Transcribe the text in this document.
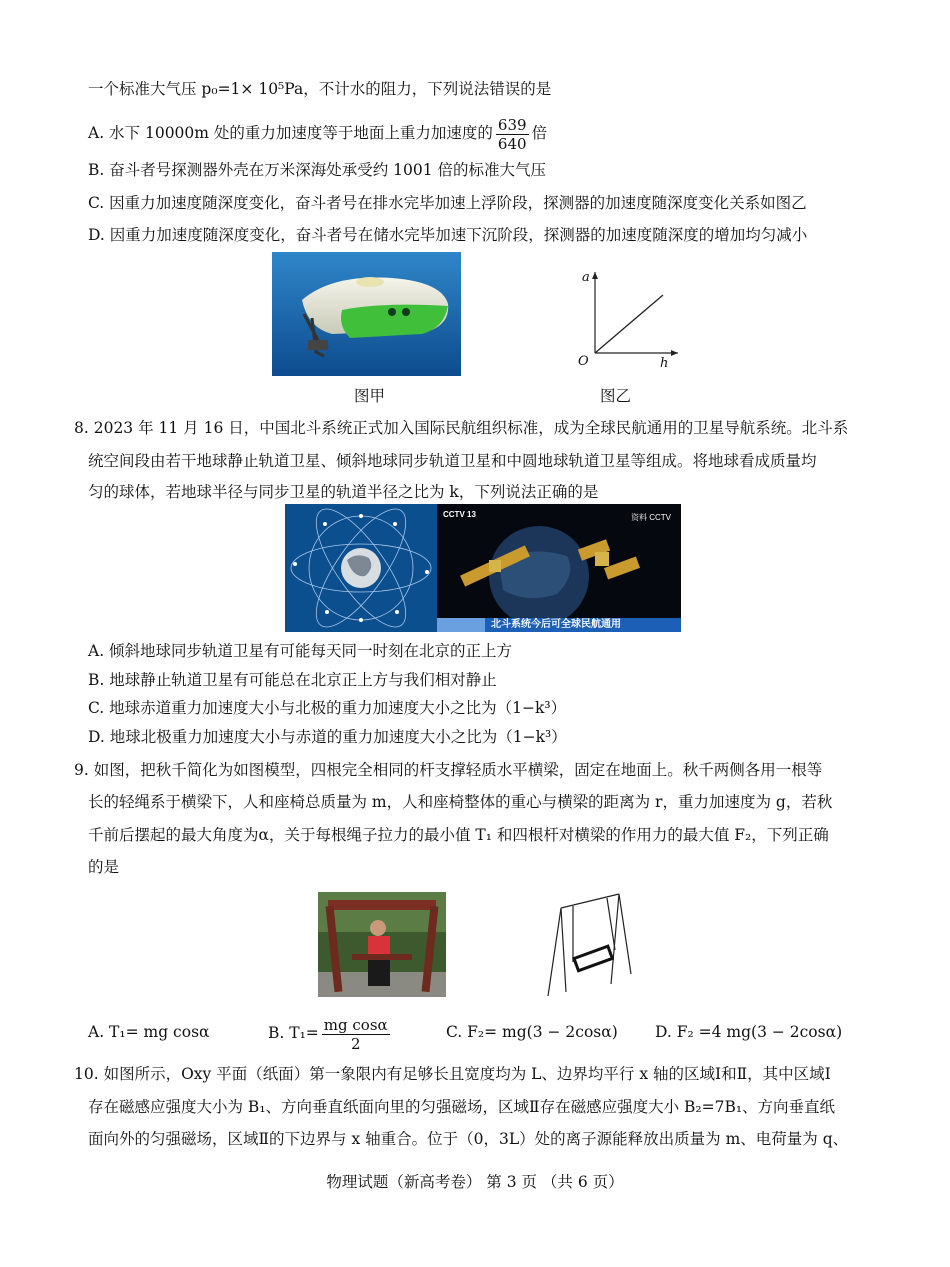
一个标准大气压 p₀=1× 10⁵Pa，不计水的阻力，下列说法错误的是
A. 水下 10000m 处的重力加速度等于地面上重力加速度的 $\frac{639}{640}$ 倍
B. 奋斗者号探测器外壳在万米深海处承受约 1001 倍的标准大气压
C. 因重力加速度随深度变化，奋斗者号在排水完毕加速上浮阶段，探测器的加速度随深度变化关系如图乙
D. 因重力加速度随深度变化，奋斗者号在储水完毕加速下沉阶段，探测器的加速度随深度的增加均匀减小
图甲
a
O	h
图乙
8. 2023 年 11 月 16 日，中国北斗系统正式加入国际民航组织标准，成为全球民航通用的卫星导航系统。北斗系
统空间段由若干地球静止轨道卫星、倾斜地球同步轨道卫星和中圆地球轨道卫星等组成。将地球看成质量均
匀的球体，若地球半径与同步卫星的轨道半径之比为 k，下列说法正确的是
CCTV 13	资料 CCTV
北斗系统今后可全球民航通用
A. 倾斜地球同步轨道卫星有可能每天同一时刻在北京的正上方
B. 地球静止轨道卫星有可能总在北京正上方与我们相对静止
C. 地球赤道重力加速度大小与北极的重力加速度大小之比为（1−k³）
D. 地球北极重力加速度大小与赤道的重力加速度大小之比为（1−k³）
9. 如图，把秋千简化为如图模型，四根完全相同的杆支撑轻质水平横梁，固定在地面上。秋千两侧各用一根等
长的轻绳系于横梁下，人和座椅总质量为 m，人和座椅整体的重心与横梁的距离为 r，重力加速度为 g，若秋
千前后摆起的最大角度为α，关于每根绳子拉力的最小值 T₁ 和四根杆对横梁的作用力的最大值 F₂，下列正确
的是
A. T₁= mg cosα	B. $T_1= \frac{\text{mg cosα}}{2}$	C. F₂= mg(3 − 2cosα) D. F₂ =4 mg(3 − 2cosα)
10. 如图所示，Oxy 平面（纸面）第一象限内有足够长且宽度均为 L、边界均平行 x 轴的区域Ⅰ和Ⅱ，其中区域Ⅰ
存在磁感应强度大小为 B₁、方向垂直纸面向里的匀强磁场，区域Ⅱ存在磁感应强度大小 B₂=7B₁、方向垂直纸
面向外的匀强磁场，区域Ⅱ的下边界与 x 轴重合。位于（0，3L）处的离子源能释放出质量为 m、电荷量为 q、
物理试题（新高考卷） 第 3 页 （共 6 页）
